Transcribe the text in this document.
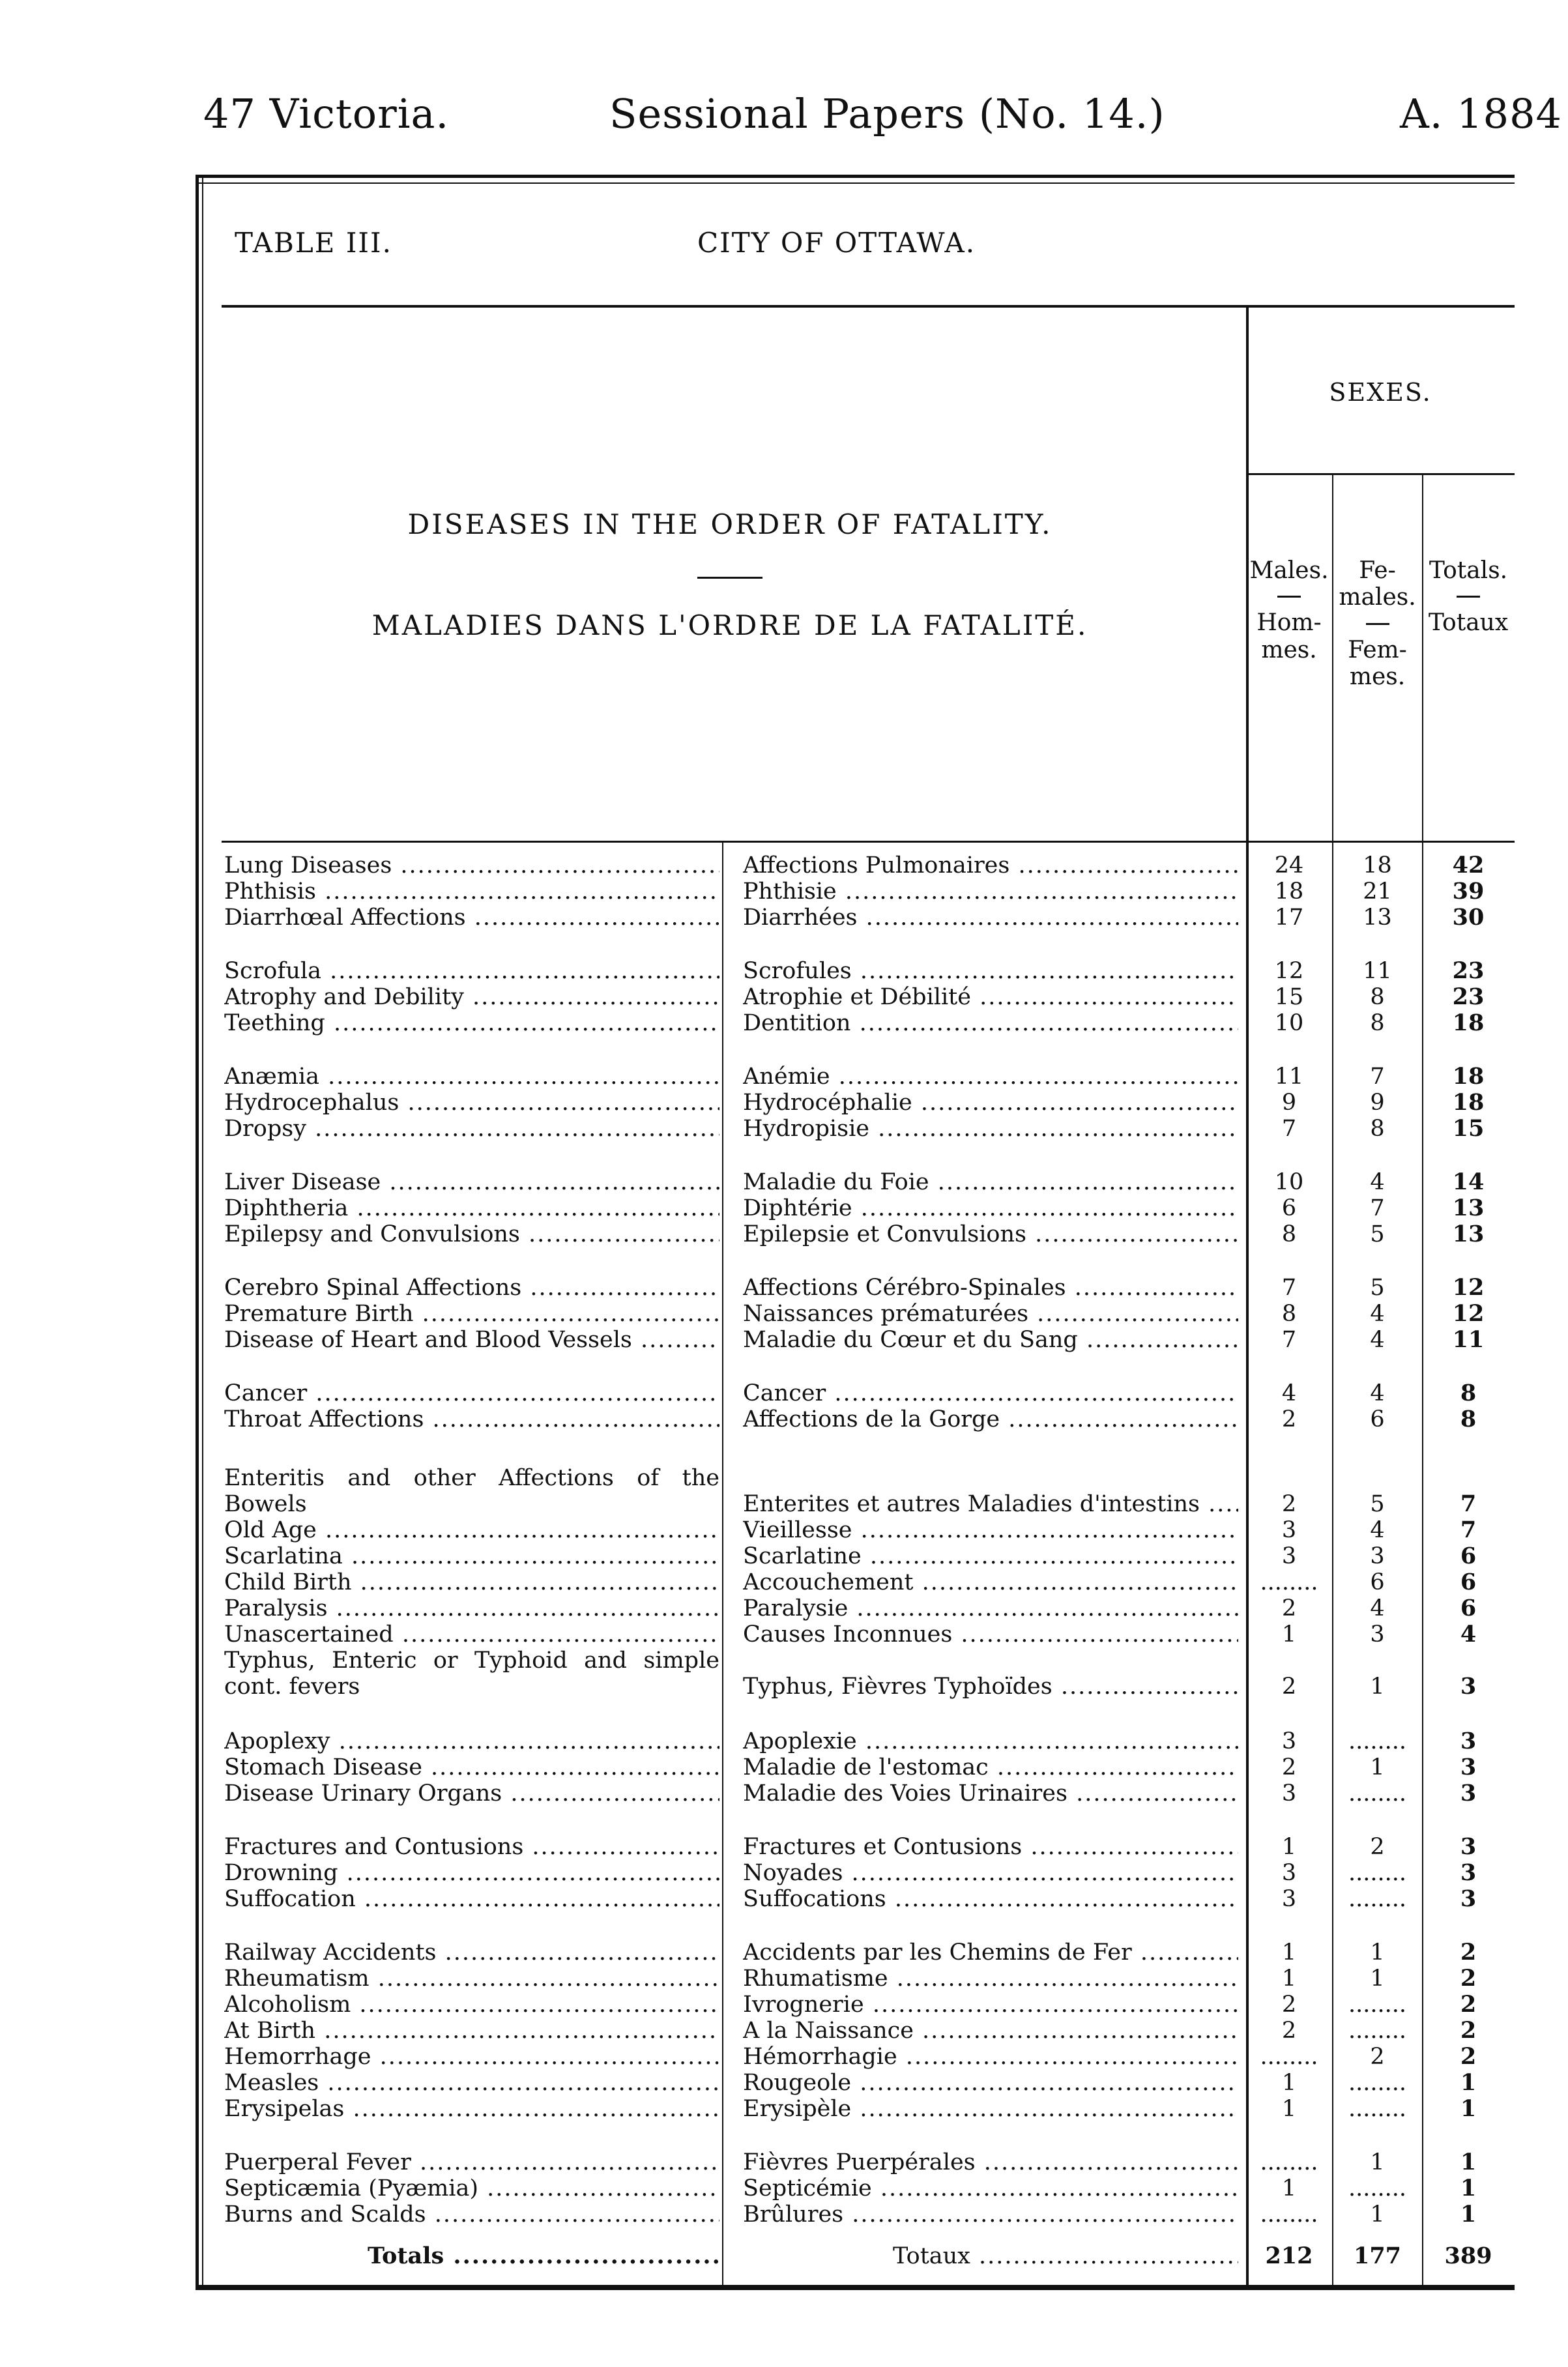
47 Victoria.	Sessional Papers (No. 14.)	A. 1884
TABLE III.	CITY OF OTTAWA.
DISEASES IN THE ORDER OF FATALITY.
MALADIES DANS L'ORDRE DE LA FATALITÉ.
SEXES.
Males.
Hom-mes.
Fe-males.
Fem-mes.
Totals.
Totaux
Lung Diseases .....	Affections Pulmonaires .....	24	18	42
Phthisis .....	Phthisie .....	18	21	39
Diarrhœal Affections .....	Diarrhées .....	17	13	30
Scrofula .....	Scrofules .....	12	11	23
Atrophy and Debility .....	Atrophie et Débilité .....	15	8	23
Teething .....	Dentition .....	10	8	18
Anæmia .....	Anémie .....	11	7	18
Hydrocephalus .....	Hydrocéphalie .....	9	9	18
Dropsy .....	Hydropisie .....	7	8	15
Liver Disease .....	Maladie du Foie .....	10	4	14
Diphtheria .....	Diphtérie .....	6	7	13
Epilepsy and Convulsions .....	Epilepsie et Convulsions .....	8	5	13
Cerebro Spinal Affections .....	Affections Cérébro-Spinales .....	7	5	12
Premature Birth .....	Naissances prématurées .....	8	4	12
Disease of Heart and Blood Vessels .....	Maladie du Cœur et du Sang .....	7	4	11
Cancer .....	Cancer .....	4	4	8
Throat Affections .....	Affections de la Gorge .....	2	6	8
Enteritis and other Affections of the Bowels	Enterites et autres Maladies d'intestins .....	2	5	7
Old Age .....	Vieillesse .....	3	4	7
Scarlatina .....	Scarlatine .....	3	3	6
Child Birth .....	Accouchement .....	........	6	6
Paralysis .....	Paralysie .....	2	4	6
Unascertained .....	Causes Inconnues .....	1	3	4
Typhus, Enteric or Typhoid and simple cont. fevers	Typhus, Fièvres Typhoïdes .....	2	1	3
Apoplexy .....	Apoplexie .....	3	........	3
Stomach Disease .....	Maladie de l'estomac .....	2	1	3
Disease Urinary Organs .....	Maladie des Voies Urinaires .....	3	........	3
Fractures and Contusions .....	Fractures et Contusions .....	1	2	3
Drowning .....	Noyades .....	3	........	3
Suffocation .....	Suffocations .....	3	........	3
Railway Accidents .....	Accidents par les Chemins de Fer .....	1	1	2
Rheumatism .....	Rhumatisme .....	1	1	2
Alcoholism .....	Ivrognerie .....	2	........	2
At Birth .....	A la Naissance .....	2	........	2
Hemorrhage .....	Hémorrhagie .....	........	2	2
Measles .....	Rougeole .....	1	........	1
Erysipelas .....	Erysipèle .....	1	........	1
Puerperal Fever .....	Fièvres Puerpérales .....	........	1	1
Septicæmia (Pyæmia) .....	Septicémie .....	1	........	1
Burns and Scalds .....	Brûlures .....	........	1	1
Totals .....	Totaux .....	212	177	389
